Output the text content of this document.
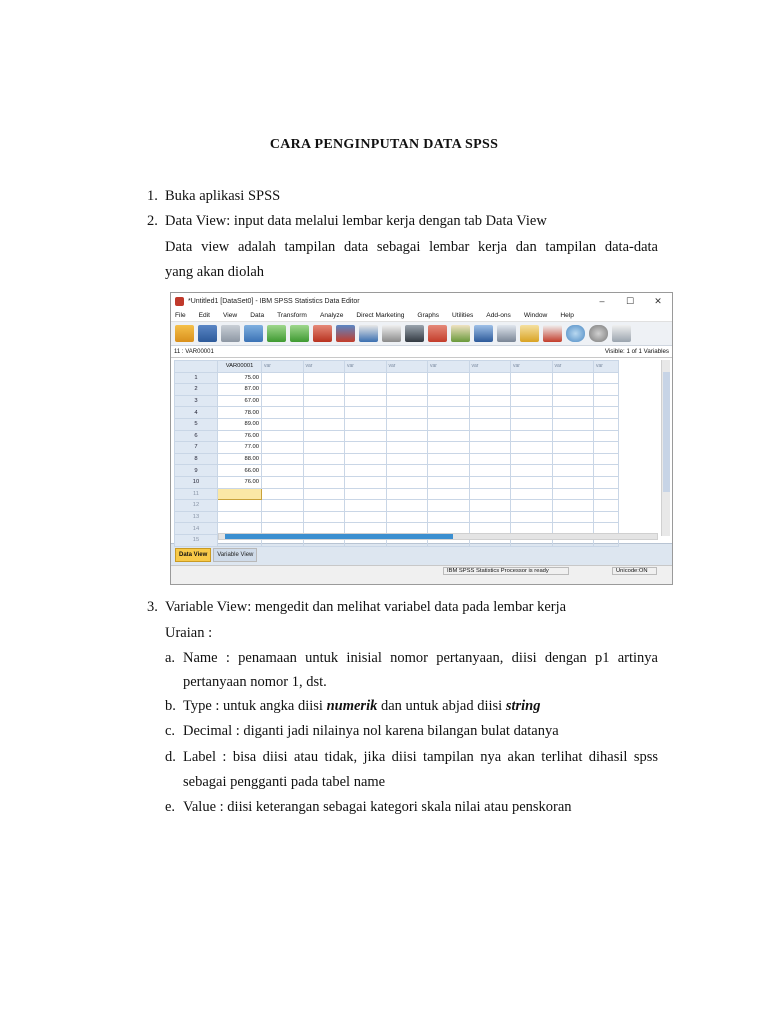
CARA PENGINPUTAN DATA SPSS
1. Buka aplikasi SPSS
2. Data View: input data melalui lembar kerja dengan tab Data View
Data view adalah tampilan data sebagai lembar kerja dan tampilan data-data
yang akan diolah
*Untitled1 [DataSet0] - IBM SPSS Statistics Data Editor	–	☐	✕
File Edit View Data Transform Analyze Direct Marketing Graphs Utilities Add-ons Window Help
11 : VAR00001	Visible: 1 of 1 Variables
	VAR00001	var	var	var	var	var	var	var	var	var
1	75.00									
2	87.00									
3	67.00									
4	78.00									
5	89.00									
6	76.00									
7	77.00									
8	88.00									
9	66.00									
10	76.00									
11										
12										
13										
14										
15										
Data View	Variable View
IBM SPSS Statistics Processor is ready	Unicode:ON
3. Variable View: mengedit dan melihat variabel data pada lembar kerja
Uraian :
a. Name : penamaan untuk inisial nomor pertanyaan, diisi dengan p1 artinya
pertanyaan nomor 1, dst.
b. Type : untuk angka diisi numerik dan untuk abjad diisi string
c. Decimal : diganti jadi nilainya nol karena bilangan bulat datanya
d. Label : bisa diisi atau tidak, jika diisi tampilan nya akan terlihat dihasil spss
sebagai pengganti pada tabel name
e. Value : diisi keterangan sebagai kategori skala nilai atau penskoran
